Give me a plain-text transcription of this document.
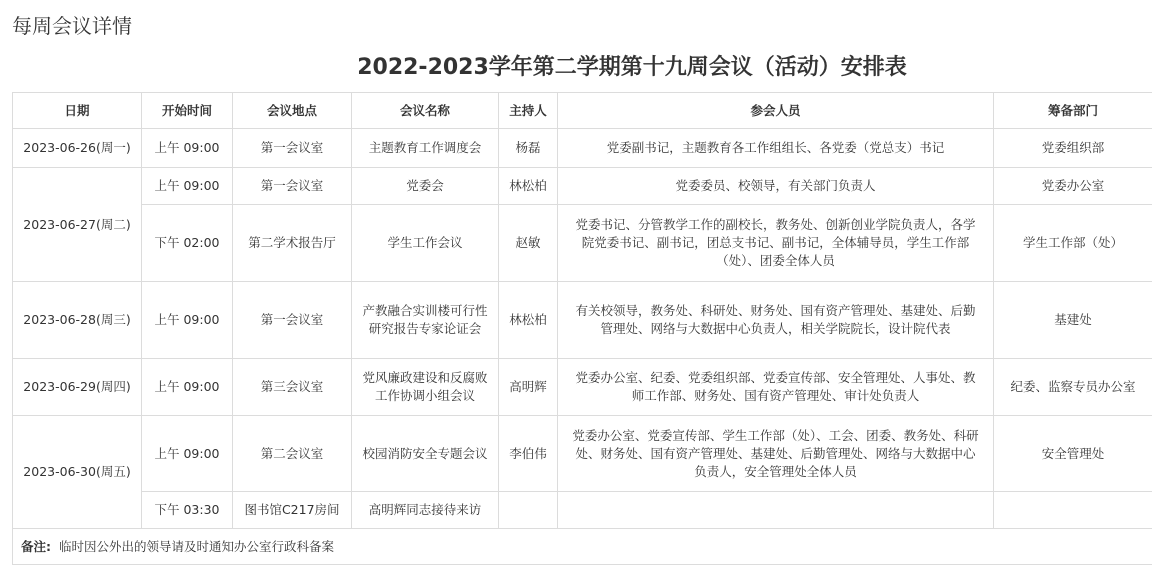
每周会议详情
2022-2023学年第二学期第十九周会议（活动）安排表
日期	开始时间	会议地点	会议名称	主持人	参会人员	筹备部门
2023-06-26(周一)	上午 09:00	第一会议室	主题教育工作调度会	杨磊	党委副书记，主题教育各工作组组长、各党委（党总支）书记	党委组织部
2023-06-27(周二)	上午 09:00	第一会议室	党委会	林松柏	党委委员、校领导，有关部门负责人	党委办公室
	下午 02:00	第二学术报告厅	学生工作会议	赵敏	党委书记、分管教学工作的副校长，教务处、创新创业学院负责人，各学院党委书记、副书记，团总支书记、副书记，全体辅导员，学生工作部（处）、团委全体人员	学生工作部（处）
2023-06-28(周三)	上午 09:00	第一会议室	产教融合实训楼可行性研究报告专家论证会	林松柏	有关校领导，教务处、科研处、财务处、国有资产管理处、基建处、后勤管理处、网络与大数据中心负责人，相关学院院长，设计院代表	基建处
2023-06-29(周四)	上午 09:00	第三会议室	党风廉政建设和反腐败工作协调小组会议	高明辉	党委办公室、纪委、党委组织部、党委宣传部、安全管理处、人事处、教师工作部、财务处、国有资产管理处、审计处负责人	纪委、监察专员办公室
2023-06-30(周五)	上午 09:00	第二会议室	校园消防安全专题会议	李伯伟	党委办公室、党委宣传部、学生工作部（处）、工会、团委、教务处、科研处、财务处、国有资产管理处、基建处、后勤管理处、网络与大数据中心负责人，安全管理处全体人员	安全管理处
	下午 03:30	图书馆C217房间	高明辉同志接待来访			
备注: 临时因公外出的领导请及时通知办公室行政科备案						
